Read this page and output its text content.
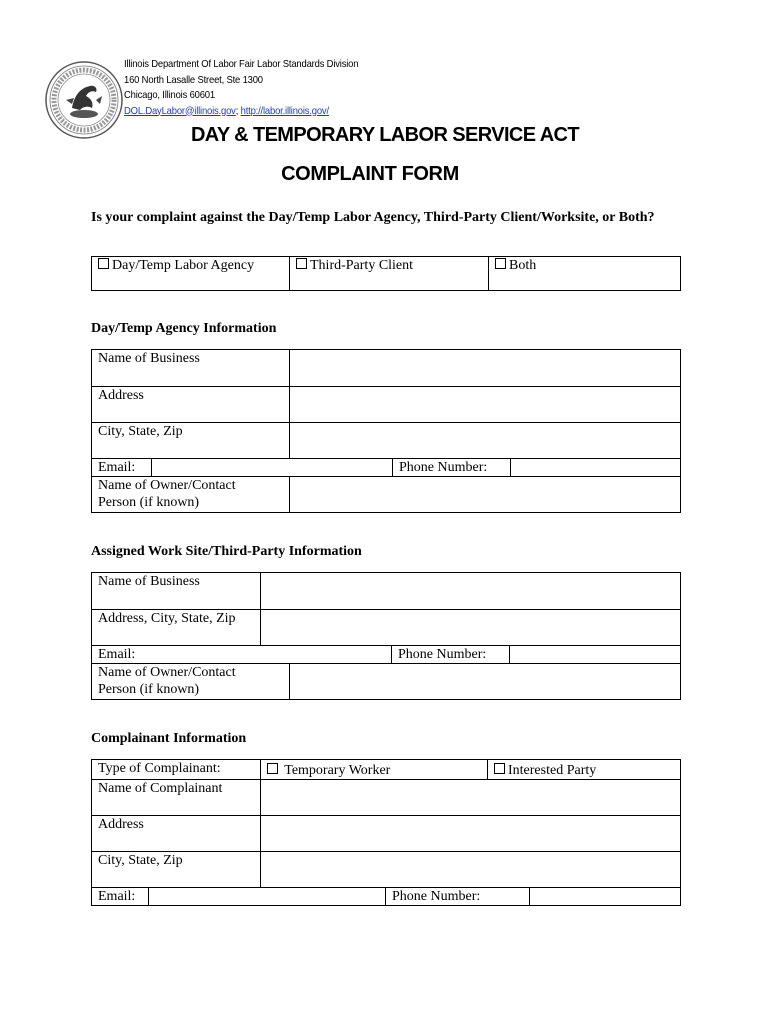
Illinois Department Of Labor Fair Labor Standards Division
160 North Lasalle Street, Ste 1300
Chicago, Illinois 60601
DOL.DayLabor@illinois.gov; http://labor.illinois.gov/
DAY & TEMPORARY LABOR SERVICE ACT
COMPLAINT FORM
Is your complaint against the Day/Temp Labor Agency, Third-Party Client/Worksite, or Both?
Day/Temp Labor Agency	Third-Party Client	Both
Day/Temp Agency Information
Name of Business	
Address	
City, State, Zip	

Email: Phone Number:	

Name of Owner/Contact
Person (if known)	
Assigned Work Site/Third-Party Information
Name of Business		
Address, City, State, Zip		

Email: Phone Number:		

Name of Owner/Contact
Person (if known)		
Complainant Information
Type of Complainant:	Temporary Worker	Interested Party
Name of Complainant		
Address		
City, State, Zip		

Email: Phone Number:		
